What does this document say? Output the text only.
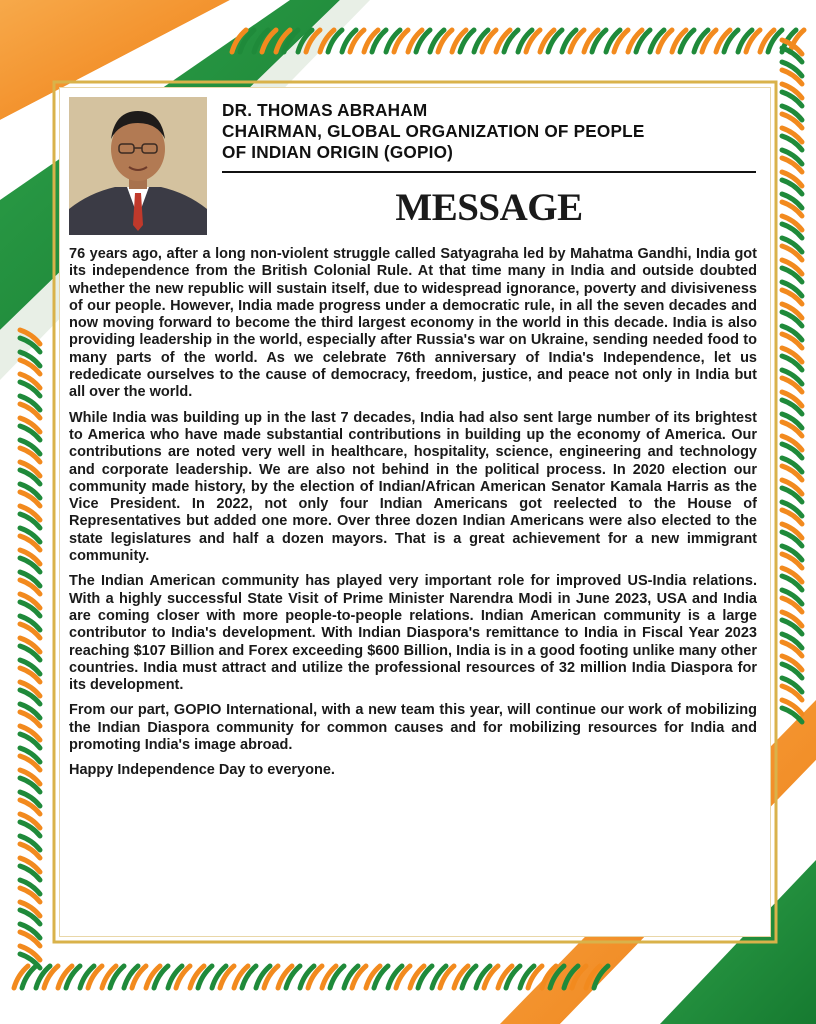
DR. THOMAS ABRAHAM
CHAIRMAN, GLOBAL ORGANIZATION OF PEOPLE
OF INDIAN ORIGIN (GOPIO)
MESSAGE

76 years ago, after a long non-violent struggle called Satyagraha led by Mahatma Gandhi, India got its independence from the British Colonial Rule. At that time many in India and outside doubted whether the new republic will sustain itself, due to widespread ignorance, poverty and divisiveness of our people. However, India made progress under a democratic rule, in all the seven decades and now moving forward to become the third largest economy in the world in this decade. India is also providing leadership in the world, especially after Russia's war on Ukraine, sending needed food to many parts of the world. As we celebrate 76th anniversary of India's Independence, let us rededicate ourselves to the cause of democracy, freedom, justice, and peace not only in India but all over the world.

While India was building up in the last 7 decades, India had also sent large number of its brightest to America who have made substantial contributions in building up the economy of America. Our contributions are noted very well in healthcare, hospitality, science, engineering and technology and corporate leadership. We are also not behind in the political process. In 2020 election our community made history, by the election of Indian/African American Senator Kamala Harris as the Vice President. In 2022, not only four Indian Americans got reelected to the House of Representatives but added one more. Over three dozen Indian Americans were also elected to the state legislatures and half a dozen mayors. That is a great achievement for a new immigrant community.

The Indian American community has played very important role for improved US-India relations. With a highly successful State Visit of Prime Minister Narendra Modi in June 2023, USA and India are coming closer with more people-to-people relations. Indian American community is a large contributor to India's development. With Indian Diaspora's remittance to India in Fiscal Year 2023 reaching $107 Billion and Forex exceeding $600 Billion, India is in a good footing unlike many other countries. India must attract and utilize the professional resources of 32 million India Diaspora for its development.

From our part, GOPIO International, with a new team this year, will continue our work of mobilizing the Indian Diaspora community for common causes and for mobilizing resources for India and promoting India's image abroad.

Happy Independence Day to everyone.
